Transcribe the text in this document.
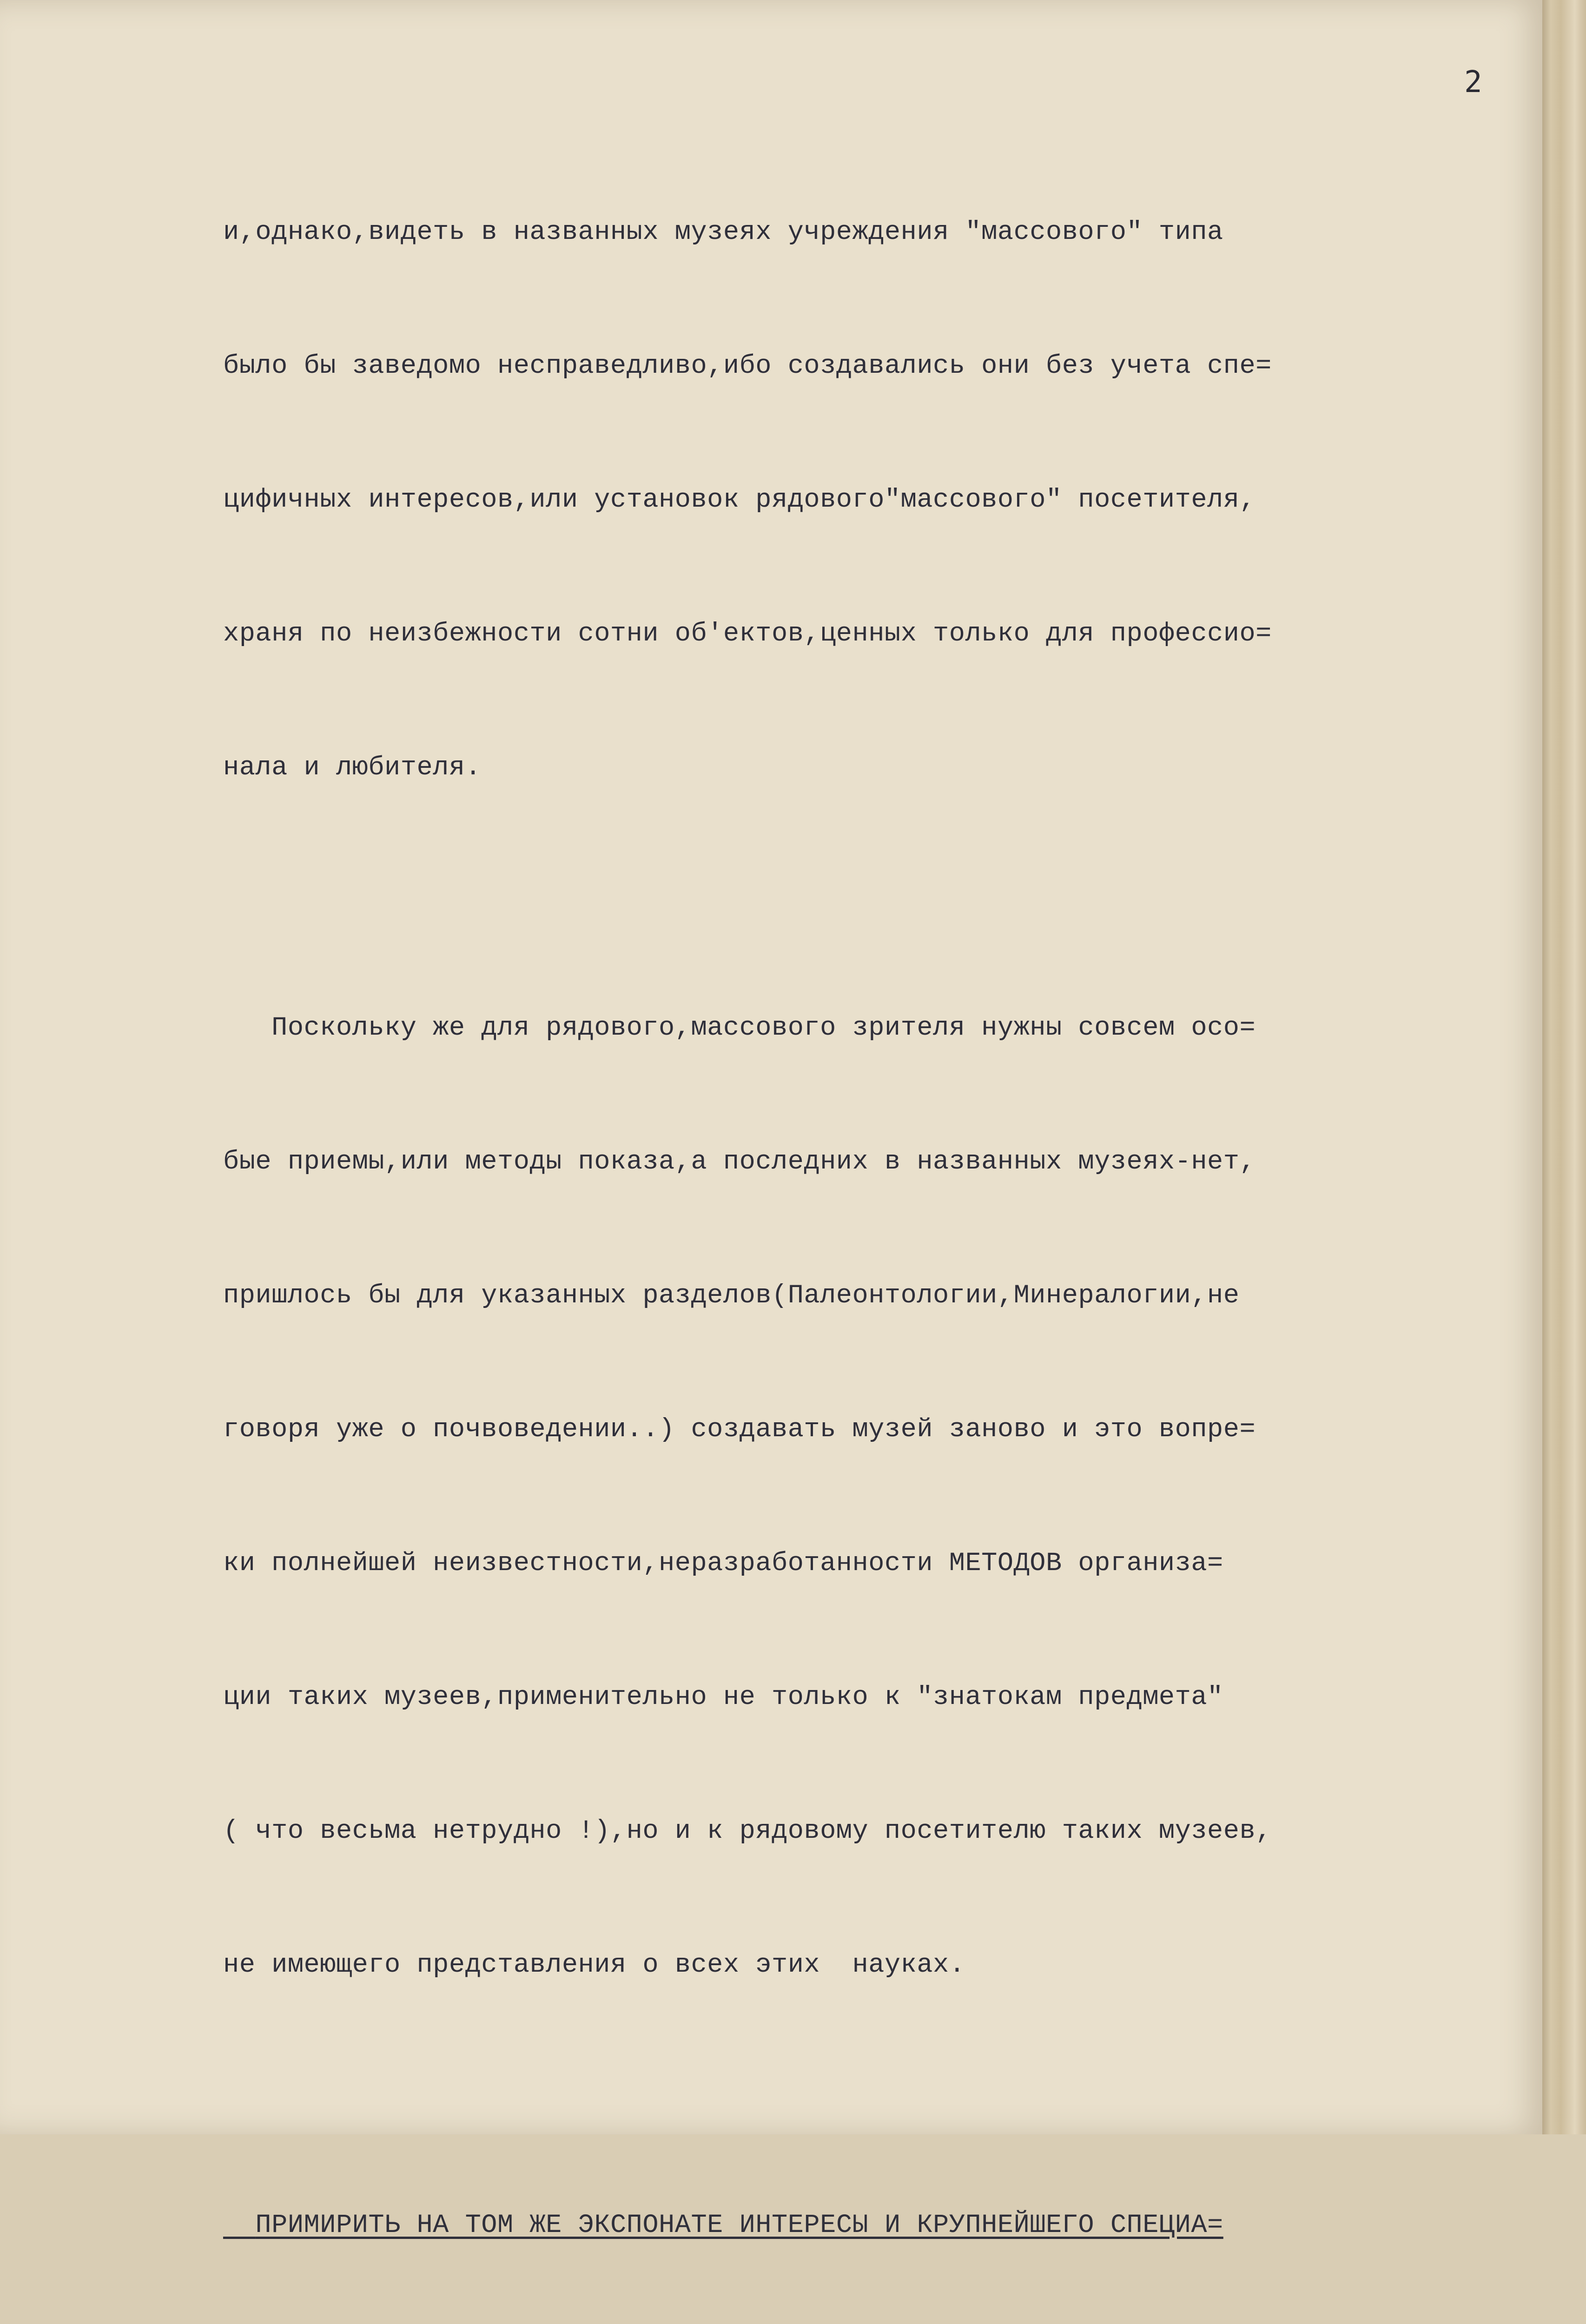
2

и,однако,видеть в названных музеях учреждения "массового" типа

было бы заведомо несправедливо,ибо создавались они без учета спе=

цифичных интересов,или установок рядового"массового" посетителя,

храня по неизбежности сотни об'ектов,ценных только для профессио=

нала и любителя.

Поскольку же для рядового,массового зрителя нужны совсем осо=

бые приемы,или методы показа,а последних в названных музеях-нет,

пришлось бы для указанных разделов(Палеонтологии,Минералогии,не

говоря уже о почвоведении..) создавать музей заново и это вопре=

ки полнейшей неизвестности,неразработанности МЕТОДОВ организа=

ции таких музеев,применительно не только к "знатокам предмета"

( что весьма нетрудно !),но и к рядовому посетителю таких музеев,

не имеющего представления о всех этих  науках.

ПРИМИРИТЬ НА ТОМ ЖЕ ЭКСПОНАТЕ ИНТЕРЕСЫ И КРУПНЕЙШЕГО СПЕЦИА=
